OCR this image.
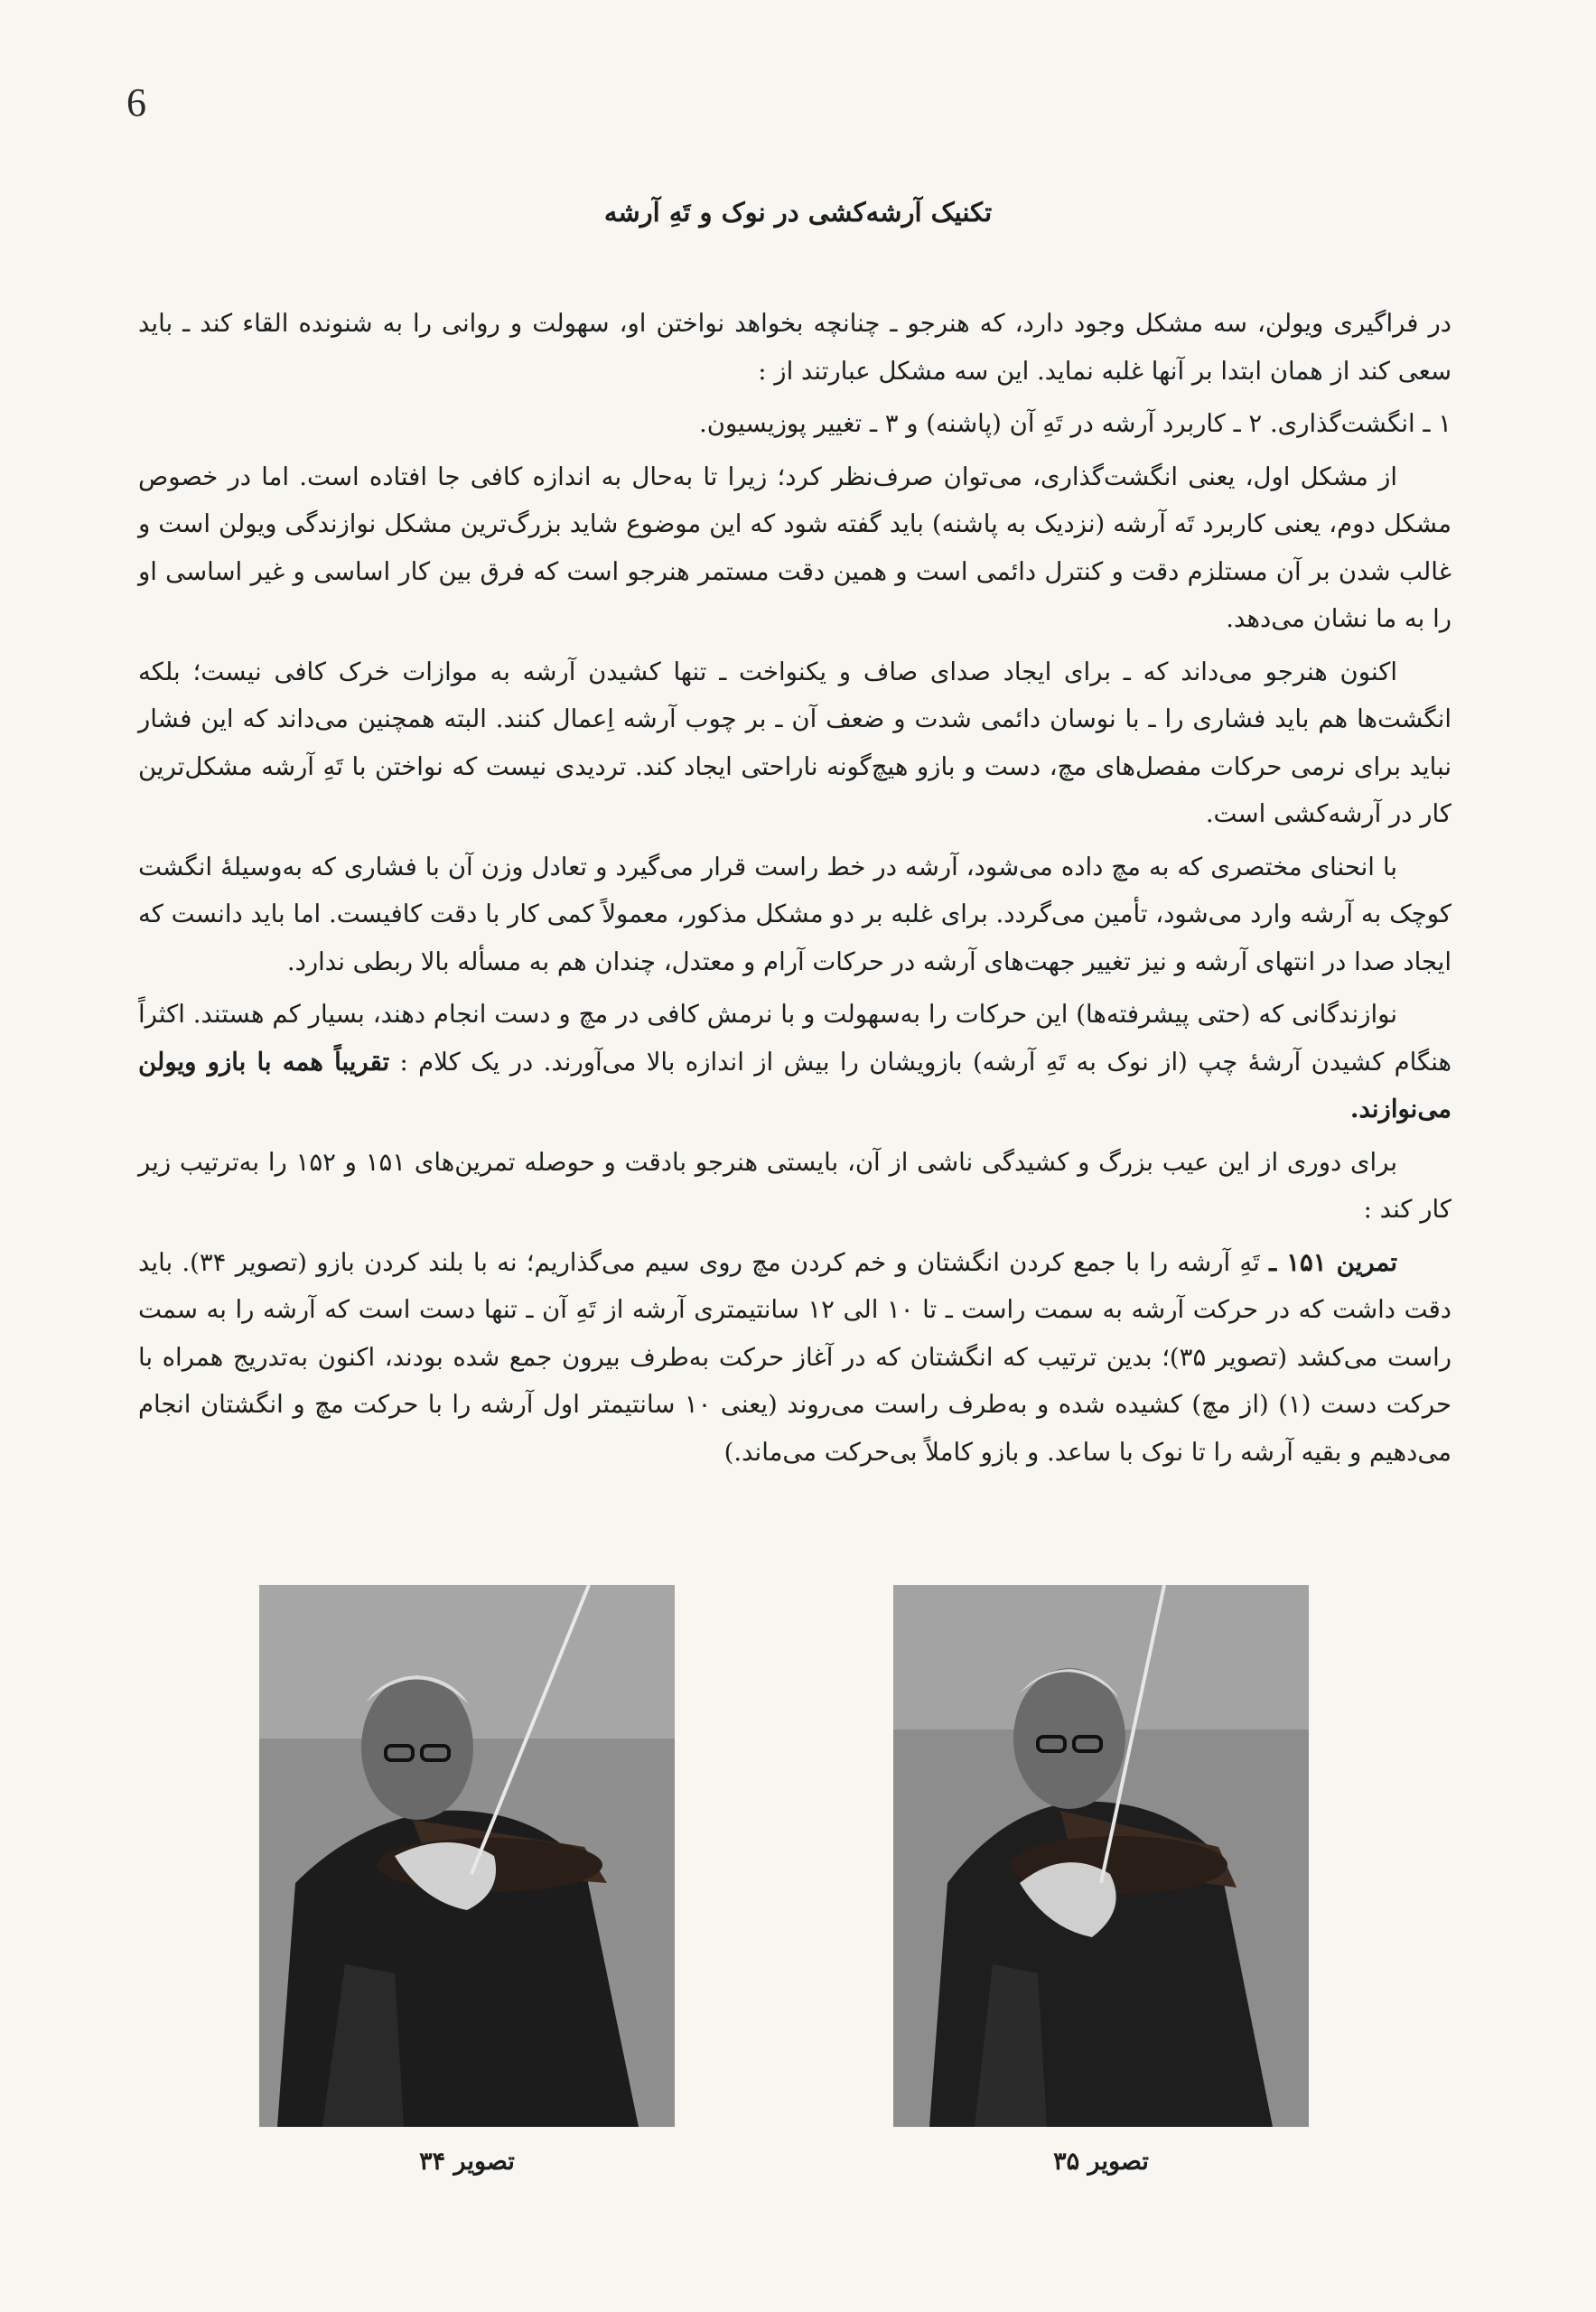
6
تکنیک آرشه‌کشی در نوک و تَهِ آرشه

در فراگیری ویولن، سه مشکل وجود دارد، که هنرجو ـ چنانچه بخواهد نواختن او، سهولت و روانی را به شنونده القاء کند ـ باید سعی کند از همان ابتدا بر آنها غلبه نماید. این سه مشکل عبارتند از :

۱ ـ انگشت‌گذاری. ۲ ـ کاربرد آرشه در تَهِ آن (پاشنه) و ۳ ـ تغییر پوزیسیون.

از مشکل اول، یعنی انگشت‌گذاری، می‌توان صرف‌نظر کرد؛ زیرا تا به‌حال به اندازه کافی جا افتاده است. اما در خصوص مشکل دوم، یعنی کاربرد تَه آرشه (نزدیک به پاشنه) باید گفته شود که این موضوع شاید بزرگ‌ترین مشکل نوازندگی ویولن است و غالب شدن بر آن مستلزم دقت و کنترل دائمی است و همین دقت مستمر هنرجو است که فرق بین کار اساسی و غیر اساسی او را به ما نشان می‌دهد.

اکنون هنرجو می‌داند که ـ برای ایجاد صدای صاف و یکنواخت ـ تنها کشیدن آرشه به موازات خرک کافی نیست؛ بلکه انگشت‌ها هم باید فشاری را ـ با نوسان دائمی شدت و ضعف آن ـ بر چوب آرشه اِعمال کنند. البته همچنین می‌داند که این فشار نباید برای نرمی حرکات مفصل‌های مچ، دست و بازو هیچ‌گونه ناراحتی ایجاد کند. تردیدی نیست که نواختن با تَهِ آرشه مشکل‌ترین کار در آرشه‌کشی است.

با انحنای مختصری که به مچ داده می‌شود، آرشه در خط راست قرار می‌گیرد و تعادل وزن آن با فشاری که به‌وسیلهٔ انگشت کوچک به آرشه وارد می‌شود، تأمین می‌گردد. برای غلبه بر دو مشکل مذکور، معمولاً کمی کار با دقت کافیست. اما باید دانست که ایجاد صدا در انتهای آرشه و نیز تغییر جهت‌های آرشه در حرکات آرام و معتدل، چندان هم به مسأله بالا ربطی ندارد.

نوازندگانی که (حتی پیشرفته‌ها) این حرکات را به‌سهولت و با نرمش کافی در مچ و دست انجام دهند، بسیار کم هستند. اکثراً هنگام کشیدن آرشهٔ چپ (از نوک به تَهِ آرشه) بازویشان را بیش از اندازه بالا می‌آورند. در یک کلام : تقریباً همه با بازو ویولن می‌نوازند.

برای دوری از این عیب بزرگ و کشیدگی ناشی از آن، بایستی هنرجو بادقت و حوصله تمرین‌های ۱۵۱ و ۱۵۲ را به‌ترتیب زیر کار کند :

تمرین ۱۵۱ ـ تَهِ آرشه را با جمع کردن انگشتان و خم کردن مچ روی سیم می‌گذاریم؛ نه با بلند کردن بازو (تصویر ۳۴). باید دقت داشت که در حرکت آرشه به سمت راست ـ تا ۱۰ الی ۱۲ سانتیمتری آرشه از تَهِ آن ـ تنها دست است که آرشه را به سمت راست می‌کشد (تصویر ۳۵)؛ بدین ترتیب که انگشتان که در آغاز حرکت به‌طرف بیرون جمع شده بودند، اکنون به‌تدریج همراه با حرکت دست (۱) (از مچ) کشیده شده و به‌طرف راست می‌روند (یعنی ۱۰ سانتیمتر اول آرشه را با حرکت مچ و انگشتان انجام می‌دهیم و بقیه آرشه را تا نوک با ساعد. و بازو کاملاً بی‌حرکت می‌ماند.)

تصویر ۳۵
تصویر ۳۴
